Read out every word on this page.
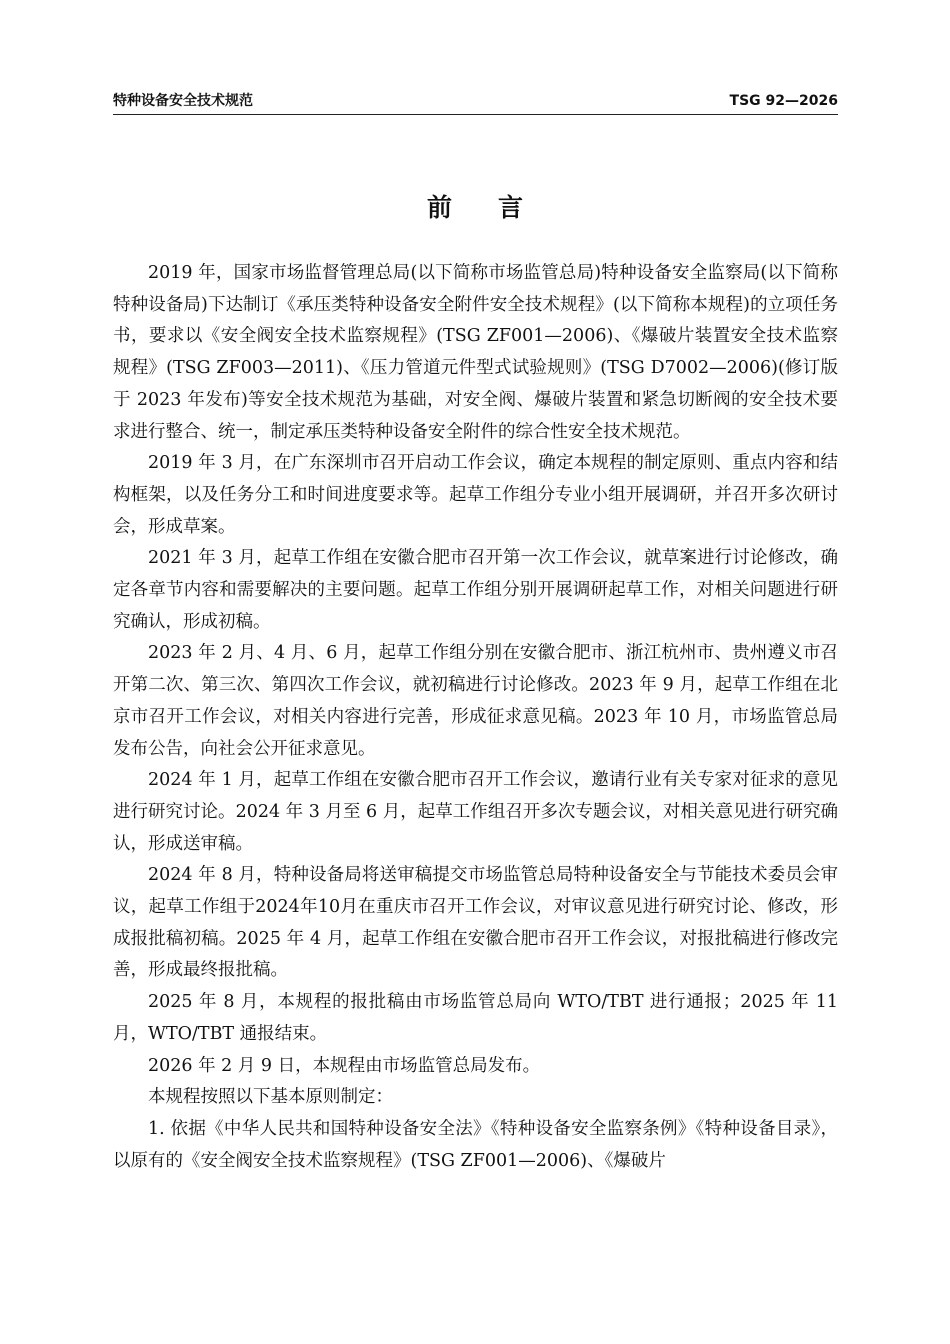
特种设备安全技术规范	TSG 92—2026
前言

2019 年，国家市场监督管理总局(以下简称市场监管总局)特种设备安全监察局(以下简称特种设备局)下达制订《承压类特种设备安全附件安全技术规程》(以下简称本规程)的立项任务书，要求以《安全阀安全技术监察规程》(TSG ZF001—2006)、《爆破片装置安全技术监察规程》(TSG ZF003—2011)、《压力管道元件型式试验规则》(TSG D7002—2006)(修订版于 2023 年发布)等安全技术规范为基础，对安全阀、爆破片装置和紧急切断阀的安全技术要求进行整合、统一，制定承压类特种设备安全附件的综合性安全技术规范。

2019 年 3 月，在广东深圳市召开启动工作会议，确定本规程的制定原则、重点内容和结构框架，以及任务分工和时间进度要求等。起草工作组分专业小组开展调研，并召开多次研讨会，形成草案。

2021 年 3 月，起草工作组在安徽合肥市召开第一次工作会议，就草案进行讨论修改，确定各章节内容和需要解决的主要问题。起草工作组分别开展调研起草工作，对相关问题进行研究确认，形成初稿。

2023 年 2 月、4 月、6 月，起草工作组分别在安徽合肥市、浙江杭州市、贵州遵义市召开第二次、第三次、第四次工作会议，就初稿进行讨论修改。2023 年 9 月，起草工作组在北京市召开工作会议，对相关内容进行完善，形成征求意见稿。2023 年 10 月，市场监管总局发布公告，向社会公开征求意见。

2024 年 1 月，起草工作组在安徽合肥市召开工作会议，邀请行业有关专家对征求的意见进行研究讨论。2024 年 3 月至 6 月，起草工作组召开多次专题会议，对相关意见进行研究确认，形成送审稿。

2024 年 8 月，特种设备局将送审稿提交市场监管总局特种设备安全与节能技术委员会审议，起草工作组于2024年10月在重庆市召开工作会议，对审议意见进行研究讨论、修改，形成报批稿初稿。2025 年 4 月，起草工作组在安徽合肥市召开工作会议，对报批稿进行修改完善，形成最终报批稿。

2025 年 8 月，本规程的报批稿由市场监管总局向 WTO/TBT 进行通报；2025 年 11 月，WTO/TBT 通报结束。

2026 年 2 月 9 日，本规程由市场监管总局发布。

本规程按照以下基本原则制定：

1. 依据《中华人民共和国特种设备安全法》《特种设备安全监察条例》《特种设备目录》，以原有的《安全阀安全技术监察规程》(TSG ZF001—2006)、《爆破片
